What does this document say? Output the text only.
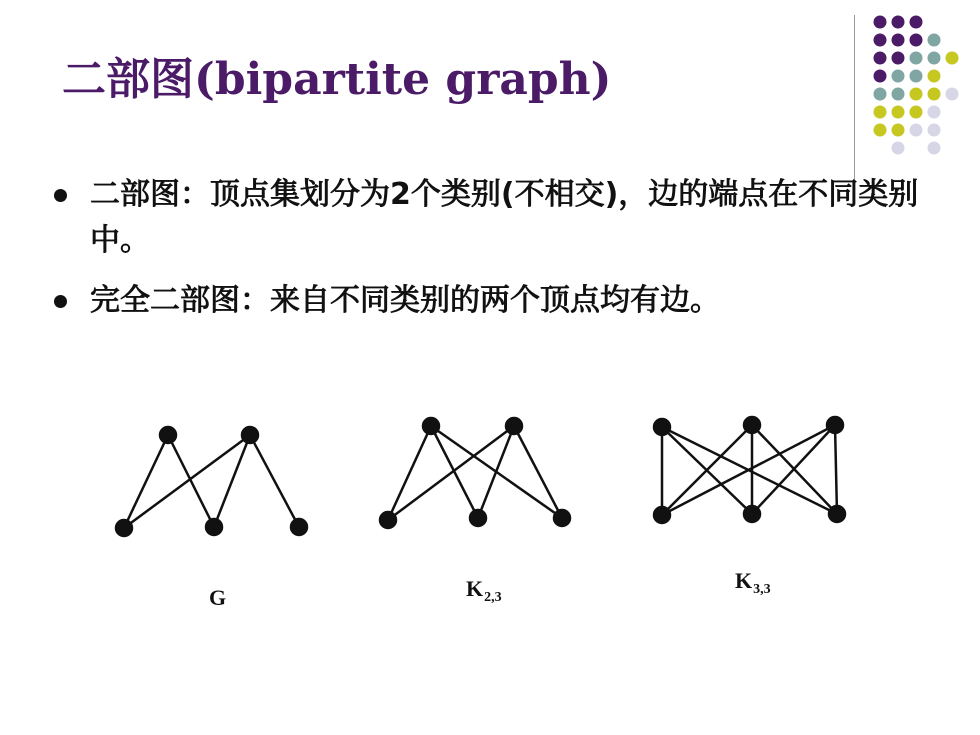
二部图(bipartite graph)
二部图：顶点集划分为2个类别(不相交)，边的端点在不同类别中。
完全二部图：来自不同类别的两个顶点均有边。
G	$K_{2,3}$
$K_{3,3}$
